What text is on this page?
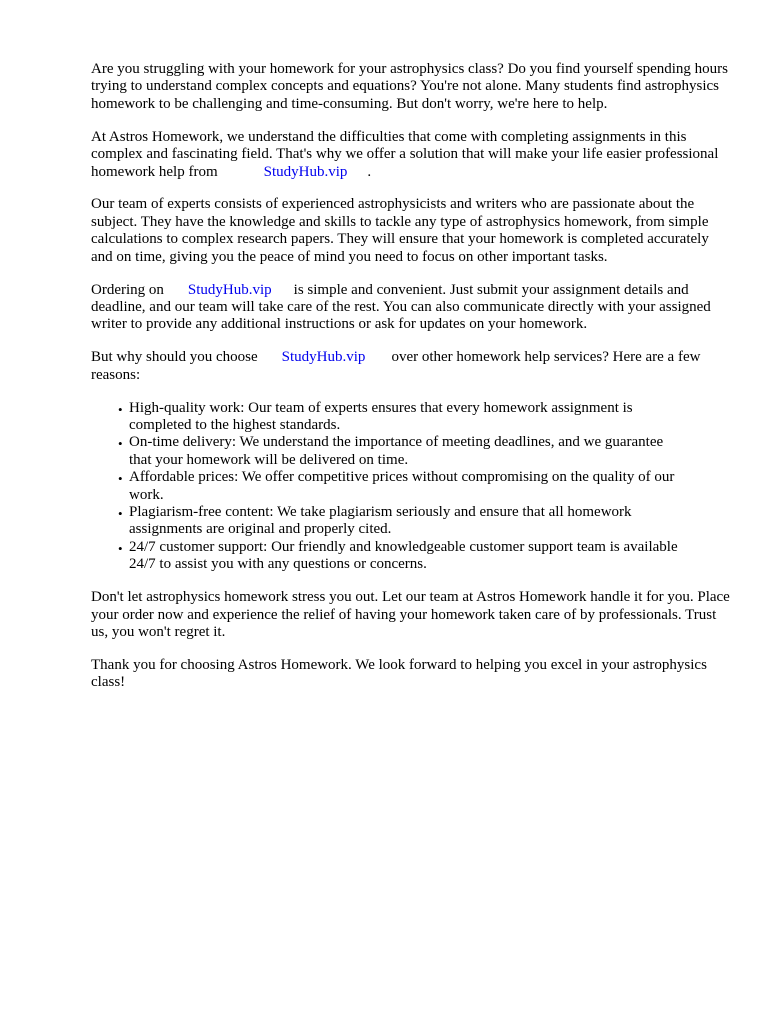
Are you struggling with your homework for your astrophysics class? Do you find yourself spending hours trying to understand complex concepts and equations? You're not alone. Many students find astrophysics homework to be challenging and time-consuming. But don't worry, we're here to help.

At Astros Homework, we understand the difficulties that come with completing assignments in this complex and fascinating field. That's why we offer a solution that will make your life easier professional homework help from	StudyHub.vip .

Our team of experts consists of experienced astrophysicists and writers who are passionate about the subject. They have the knowledge and skills to tackle any type of astrophysics homework, from simple calculations to complex research papers. They will ensure that your homework is completed accurately and on time, giving you the peace of mind you need to focus on other important tasks.

Ordering on StudyHub.vip is simple and convenient. Just submit your assignment details and deadline, and our team will take care of the rest. You can also communicate directly with your assigned writer to provide any additional instructions or ask for updates on your homework.

But why should you choose StudyHub.vip over other homework help services? Here are a few reasons:

• High-quality work: Our team of experts ensures that every homework assignment is completed to the highest standards.
• On-time delivery: We understand the importance of meeting deadlines, and we guarantee that your homework will be delivered on time.
• Affordable prices: We offer competitive prices without compromising on the quality of our work.
• Plagiarism-free content: We take plagiarism seriously and ensure that all homework assignments are original and properly cited.
• 24/7 customer support: Our friendly and knowledgeable customer support team is available 24/7 to assist you with any questions or concerns.

Don't let astrophysics homework stress you out. Let our team at Astros Homework handle it for you. Place your order now and experience the relief of having your homework taken care of by professionals. Trust us, you won't regret it.

Thank you for choosing Astros Homework. We look forward to helping you excel in your astrophysics class!
